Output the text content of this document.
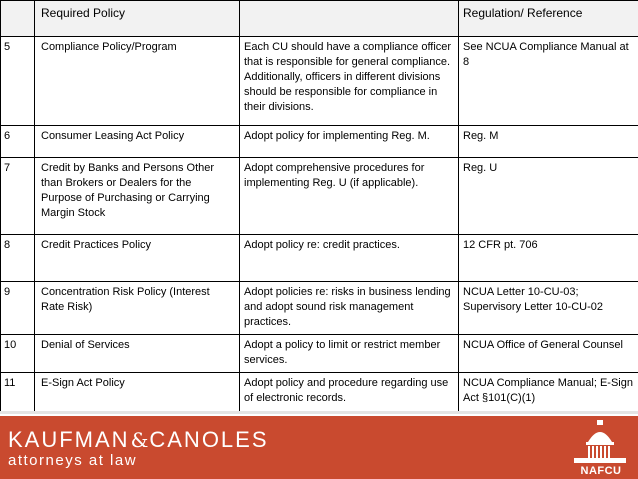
	Required Policy		Regulation/ Reference
5	Compliance Policy/Program	Each CU should have a compliance officer that is responsible for general compliance. Additionally, officers in different divisions should be responsible for compliance in their divisions.	See NCUA Compliance Manual at 8
6	Consumer Leasing Act Policy	Adopt policy for implementing Reg. M.	Reg. M
7	Credit by Banks and Persons Other than Brokers or Dealers for the Purpose of Purchasing or Carrying Margin Stock	Adopt comprehensive procedures for implementing Reg. U (if applicable).	Reg. U
8	Credit Practices Policy	Adopt policy re: credit practices.	12 CFR pt. 706
9	Concentration Risk Policy (Interest Rate Risk)	Adopt policies re: risks in business lending and adopt sound risk management practices.	NCUA Letter 10-CU-03; Supervisory Letter 10-CU-02
10	Denial of Services	Adopt a policy to limit or restrict member services.	NCUA Office of General Counsel
11	E-Sign Act Policy	Adopt policy and procedure regarding use of electronic records.	NCUA Compliance Manual; E-Sign Act §101(C)(1)
KAUFMAN&CANOLES
attorneys at law
NAFCU
